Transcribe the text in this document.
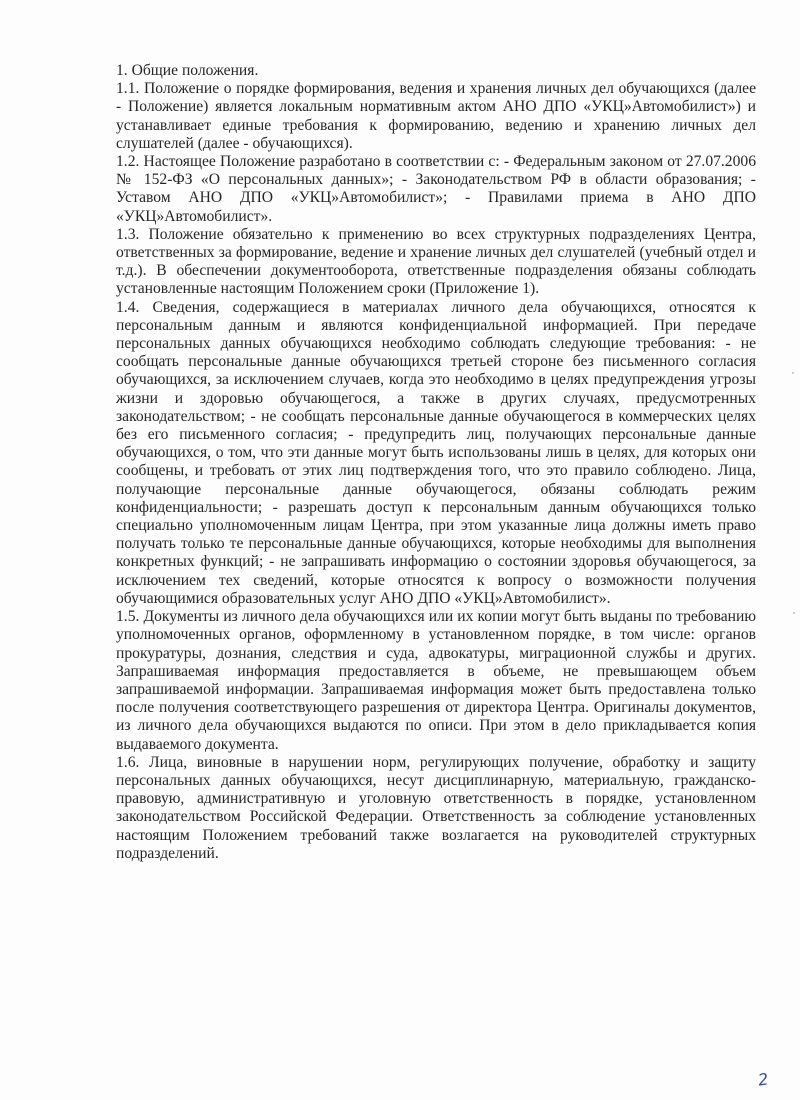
1. Общие положения.

1.1. Положение о порядке формирования, ведения и хранения личных дел обучающихся (далее - Положение) является локальным нормативным актом АНО ДПО «УКЦ»Автомобилист») и устанавливает единые требования к формированию, ведению и хранению личных дел слушателей (далее - обучающихся).

1.2. Настоящее Положение разработано в соответствии с: - Федеральным законом от 27.07.2006 № 152-ФЗ «О персональных данных»; - Законодательством РФ в области образования; - Уставом АНО ДПО «УКЦ»Автомобилист»; - Правилами приема в АНО ДПО «УКЦ»Автомобилист».

1.3. Положение обязательно к применению во всех структурных подразделениях Центра, ответственных за формирование, ведение и хранение личных дел слушателей (учебный отдел и т.д.). В обеспечении документооборота, ответственные подразделения обязаны соблюдать установленные настоящим Положением сроки (Приложение 1).

1.4. Сведения, содержащиеся в материалах личного дела обучающихся, относятся к персональным данным и являются конфиденциальной информацией. При передаче персональных данных обучающихся необходимо соблюдать следующие требования: - не сообщать персональные данные обучающихся третьей стороне без письменного согласия обучающихся, за исключением случаев, когда это необходимо в целях предупреждения угрозы жизни и здоровью обучающегося, а также в других случаях, предусмотренных законодательством; - не сообщать персональные данные обучающегося в коммерческих целях без его письменного согласия; - предупредить лиц, получающих персональные данные обучающихся, о том, что эти данные могут быть использованы лишь в целях, для которых они сообщены, и требовать от этих лиц подтверждения того, что это правило соблюдено. Лица, получающие персональные данные обучающегося, обязаны соблюдать режим конфиденциальности; - разрешать доступ к персональным данным обучающихся только специально уполномоченным лицам Центра, при этом указанные лица должны иметь право получать только те персональные данные обучающихся, которые необходимы для выполнения конкретных функций; - не запрашивать информацию о состоянии здоровья обучающегося, за исключением тех сведений, которые относятся к вопросу о возможности получения обучающимися образовательных услуг АНО ДПО «УКЦ»Автомобилист».

1.5. Документы из личного дела обучающихся или их копии могут быть выданы по требованию уполномоченных органов, оформленному в установленном порядке, в том числе: органов прокуратуры, дознания, следствия и суда, адвокатуры, миграционной службы и других. Запрашиваемая информация предоставляется в объеме, не превышающем объем запрашиваемой информации. Запрашиваемая информация может быть предоставлена только после получения соответствующего разрешения от директора Центра. Оригиналы документов, из личного дела обучающихся выдаются по описи. При этом в дело прикладывается копия выдаваемого документа.

1.6. Лица, виновные в нарушении норм, регулирующих получение, обработку и защиту персональных данных обучающихся, несут дисциплинарную, материальную, гражданско-правовую, административную и уголовную ответственность в порядке, установленном законодательством Российской Федерации. Ответственность за соблюдение установленных настоящим Положением требований также возлагается на руководителей структурных подразделений.

2
